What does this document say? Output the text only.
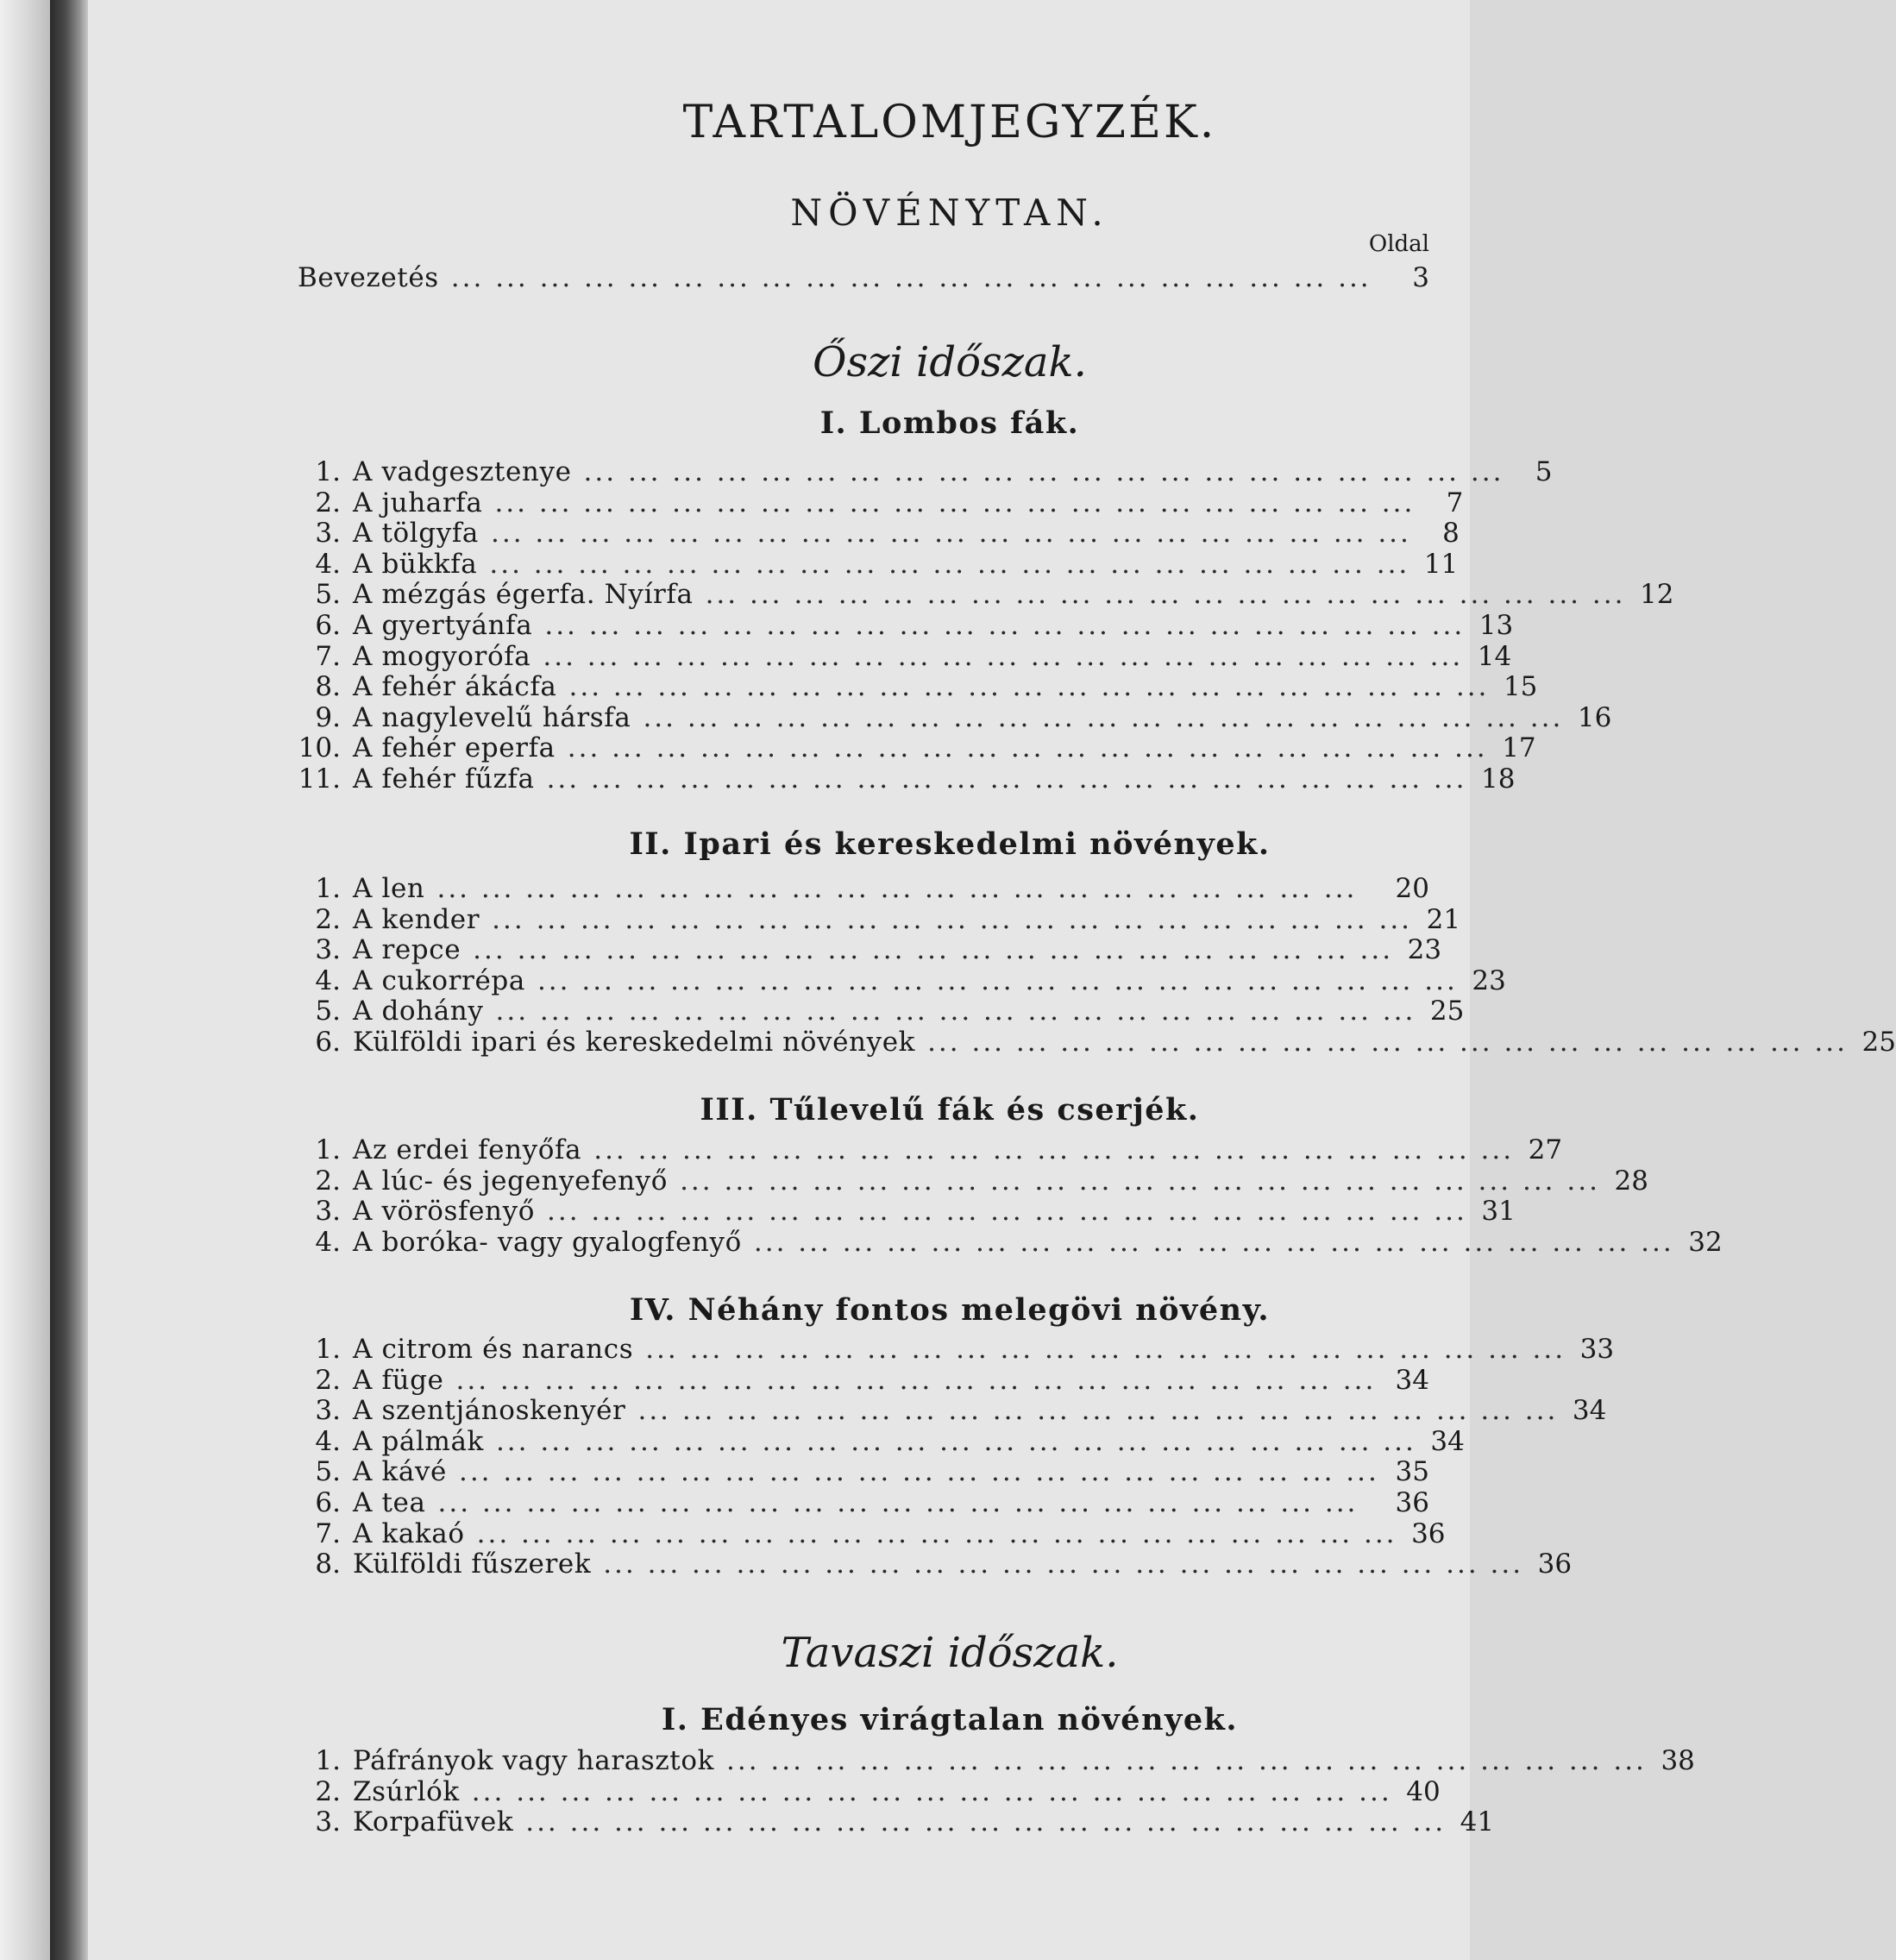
TARTALOMJEGYZÉK.
NÖVÉNYTAN.
Oldal
Bevezetés ... ... ... ... ... ... ... ... ... ... ... ... ... ... ... ... ... ... ... ... ...	3
Őszi időszak.
I. Lombos fák.
1. A vadgesztenye ... ... ... ... ... ... ... ... ... ... ... ... ... ... ... ... ... ... ... ... ...	5
2. A juharfa ... ... ... ... ... ... ... ... ... ... ... ... ... ... ... ... ... ... ... ... ...	7
3. A tölgyfa ... ... ... ... ... ... ... ... ... ... ... ... ... ... ... ... ... ... ... ... ...	8
4. A bükkfa ... ... ... ... ... ... ... ... ... ... ... ... ... ... ... ... ... ... ... ... ... 11
5. A mézgás égerfa. Nyírfa ... ... ... ... ... ... ... ... ... ... ... ... ... ... ... ... ... ... ... ... ... 12
6. A gyertyánfa ... ... ... ... ... ... ... ... ... ... ... ... ... ... ... ... ... ... ... ... ... 13
7. A mogyorófa ... ... ... ... ... ... ... ... ... ... ... ... ... ... ... ... ... ... ... ... ... 14
8. A fehér ákácfa ... ... ... ... ... ... ... ... ... ... ... ... ... ... ... ... ... ... ... ... ... 15
9. A nagylevelű hársfa ... ... ... ... ... ... ... ... ... ... ... ... ... ... ... ... ... ... ... ... ... 16
10. A fehér eperfa ... ... ... ... ... ... ... ... ... ... ... ... ... ... ... ... ... ... ... ... ... 17
11. A fehér fűzfa ... ... ... ... ... ... ... ... ... ... ... ... ... ... ... ... ... ... ... ... ... 18
II. Ipari és kereskedelmi növények.
1. A len ... ... ... ... ... ... ... ... ... ... ... ... ... ... ... ... ... ... ... ... ...	20
2. A kender ... ... ... ... ... ... ... ... ... ... ... ... ... ... ... ... ... ... ... ... ... 21
3. A repce ... ... ... ... ... ... ... ... ... ... ... ... ... ... ... ... ... ... ... ... ... 23
4. A cukorrépa ... ... ... ... ... ... ... ... ... ... ... ... ... ... ... ... ... ... ... ... ... 23
5. A dohány ... ... ... ... ... ... ... ... ... ... ... ... ... ... ... ... ... ... ... ... ... 25
6. Külföldi ipari és kereskedelmi növények ... ... ... ... ... ... ... ... ... ... ... ... ... ... ... ... ... ... ... ... ... 25
III. Tűlevelű fák és cserjék.
1. Az erdei fenyőfa ... ... ... ... ... ... ... ... ... ... ... ... ... ... ... ... ... ... ... ... ... 27
2. A lúc- és jegenyefenyő ... ... ... ... ... ... ... ... ... ... ... ... ... ... ... ... ... ... ... ... ... 28
3. A vörösfenyő ... ... ... ... ... ... ... ... ... ... ... ... ... ... ... ... ... ... ... ... ... 31
4. A boróka- vagy gyalogfenyő ... ... ... ... ... ... ... ... ... ... ... ... ... ... ... ... ... ... ... ... ... 32
IV. Néhány fontos melegövi növény.
1. A citrom és narancs ... ... ... ... ... ... ... ... ... ... ... ... ... ... ... ... ... ... ... ... ... 33
2. A füge ... ... ... ... ... ... ... ... ... ... ... ... ... ... ... ... ... ... ... ... ... 34
3. A szentjánoskenyér ... ... ... ... ... ... ... ... ... ... ... ... ... ... ... ... ... ... ... ... ... 34
4. A pálmák ... ... ... ... ... ... ... ... ... ... ... ... ... ... ... ... ... ... ... ... ... 34
5. A kávé ... ... ... ... ... ... ... ... ... ... ... ... ... ... ... ... ... ... ... ... ... 35
6. A tea ... ... ... ... ... ... ... ... ... ... ... ... ... ... ... ... ... ... ... ... ...	36
7. A kakaó ... ... ... ... ... ... ... ... ... ... ... ... ... ... ... ... ... ... ... ... ... 36
8. Külföldi fűszerek ... ... ... ... ... ... ... ... ... ... ... ... ... ... ... ... ... ... ... ... ... 36
Tavaszi időszak.
I. Edényes virágtalan növények.
1. Páfrányok vagy harasztok ... ... ... ... ... ... ... ... ... ... ... ... ... ... ... ... ... ... ... ... ... 38
2. Zsúrlók ... ... ... ... ... ... ... ... ... ... ... ... ... ... ... ... ... ... ... ... ... 40
3. Korpafüvek ... ... ... ... ... ... ... ... ... ... ... ... ... ... ... ... ... ... ... ... ... 41
